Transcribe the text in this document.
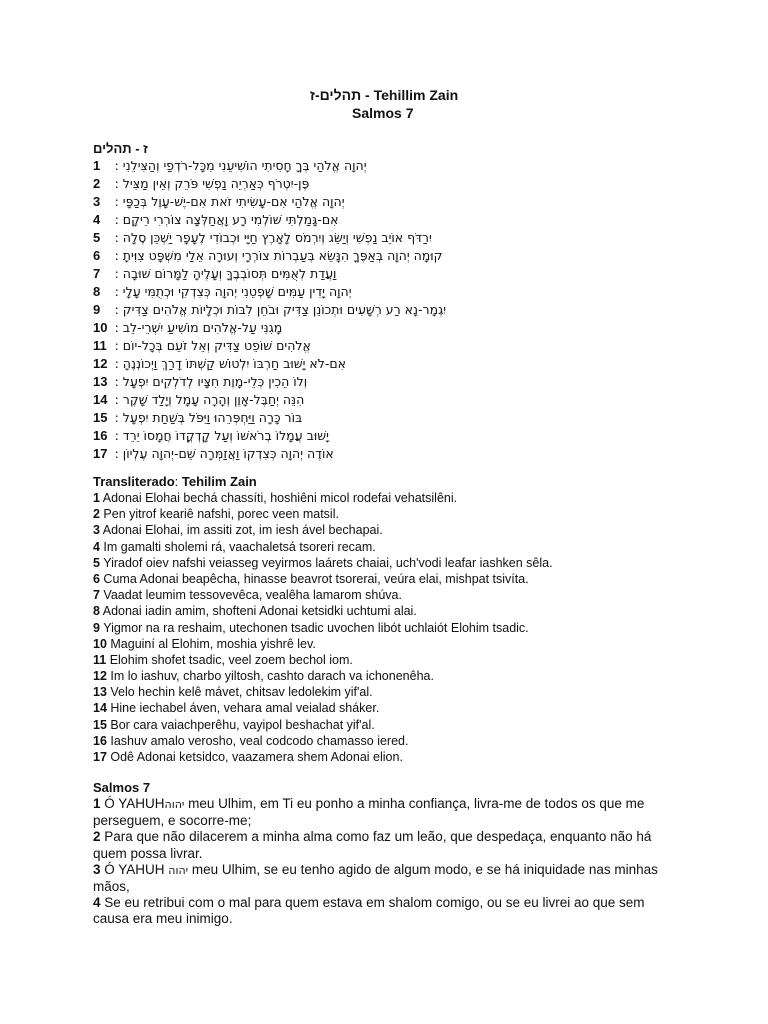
תהלים-ז - Tehillim Zain
Salmos 7
תהלים - ז
1 יְהוָה אֱלֹהַי בְּךָ חָסִיתִי הוֹשִׁיעֵנִי מִכָּל-רֹדְפַי וְהַצִּילֵנִי :
2 פֶּן-יִטְרֹף כְּאַרְיֵה נַפְשִׁי פֹּרֵק וְאֵין מַצִּיל :
3 יְהוָה אֱלֹהַי אִם-עָשִׂיתִי זֹאת אִם-יֶשׁ-עָוֶל בְּכַפָּי :
4 אִם-גָּמַלְתִּי שׁוֹלְמִי רָע וָאֲחַלְּצָה צוֹרְרִי רֵיקָם :
5 יִרַדֹּף אוֹיֵב נַפְשִׁי וְיַשֵּׂג וְיִרְמֹס לָאָרֶץ חַיָּי וּכְבוֹדִי לֶעָפָר יַשְׁכֵּן סֶלָה :
6 קוּמָה יְהוָה בְּאַפֶּךָ הִנָּשֵׂא בְּעַבְרוֹת צוֹרְרָי וְעוּרָה אֵלַי מִשְׁפָּט צִוִּיתָ :
7 וַעֲדַת לְאֻמִּים תְּסוֹבְבֶךָּ וְעָלֶיהָ לַמָּרוֹם שׁוּבָה :
8 יְהוָה יָדִין עַמִּים שָׁפְטֵנִי יְהוָה כְּצִדְקִי וּכְתֻמִּי עָלָי :
9 יִגְמָר-נָא רַע רְשָׁעִים וּתְכוֹנֵן צַדִּיק וּבֹחֵן לִבּוֹת וּכְלָיוֹת אֱלֹהִים צַדִּיק :
10 מָגִנִּי עַל-אֱלֹהִים מוֹשִׁיעַ יִשְׁרֵי-לֵב :
11 אֱלֹהִים שׁוֹפֵט צַדִּיק וְאֵל זֹעֵם בְּכָל-יוֹם :
12 אִם-לֹא יָשׁוּב חַרְבּוֹ יִלְטוֹשׁ קַשְׁתּוֹ דָרַךְ וַיְכוֹנְנֶהָ :
13 וְלוֹ הֵכִין כְּלֵי-מָוֶת חִצָּיו לְדֹלְקִים יִפְעָל :
14 הִנֵּה יְחַבֶּל-אָוֶן וְהָרָה עָמָל וְיָלַד שָׁקֶר :
15 בּוֹר כָּרָה וַיַּחְפְּרֵהוּ וַיִּפֹּל בְּשַׁחַת יִפְעָל :
16 יָשׁוּב עֲמָלוֹ בְרֹאשׁוֹ וְעַל קָדְקֳדוֹ חֲמָסוֹ יֵרֵד :
17 אוֹדֶה יְהוָה כְּצִדְקוֹ וַאֲזַמְּרָה שֵׁם-יְהוָה עֶלְיוֹן :
Transliterado: Tehilim Zain
1 Adonai Elohai bechá chassíti, hoshiêni micol rodefai vehatsilêni.
2 Pen yitrof keariê nafshi, porec veen matsil.
3 Adonai Elohai, im assiti zot, im iesh ável bechapai.
4 Im gamalti sholemi rá, vaachaletsá tsoreri recam.
5 Yiradof oiev nafshi veiasseg veyirmos laárets chaiai, uch'vodi leafar iashken sêla.
6 Cuma Adonai beapêcha, hinasse beavrot tsorerai, veúra elai, mishpat tsivíta.
7 Vaadat leumim tessovevêca, vealêha lamarom shúva.
8 Adonai iadin amim, shofteni Adonai ketsidki uchtumi alai.
9 Yigmor na ra reshaim, utechonen tsadic uvochen libót uchlaiót Elohim tsadic.
10 Maguiní al Elohim, moshia yishrê lev.
11 Elohim shofet tsadic, veel zoem bechol iom.
12 Im lo iashuv, charbo yiltosh, cashto darach va ichonenêha.
13 Velo hechin kelê mávet, chitsav ledolekim yif'al.
14 Hine iechabel áven, vehara amal veialad sháker.
15 Bor cara vaiachperêhu, vayipol beshachat yif'al.
16 Iashuv amalo verosho, veal codcodo chamasso iered.
17 Odê Adonai ketsidco, vaazamera shem Adonai elion.
Salmos 7

1 Ó YAHUHיהוה meu Ulhim, em Ti eu ponho a minha confiança, livra-me de todos os que me perseguem, e socorre-me;

2 Para que não dilacerem a minha alma como faz um leão, que despedaça, enquanto não há quem possa livrar.

3 Ó YAHUH יהוה meu Ulhim, se eu tenho agido de algum modo, e se há iniquidade nas minhas mãos,

4 Se eu retribui com o mal para quem estava em shalom comigo, ou se eu livrei ao que sem causa era meu inimigo.
